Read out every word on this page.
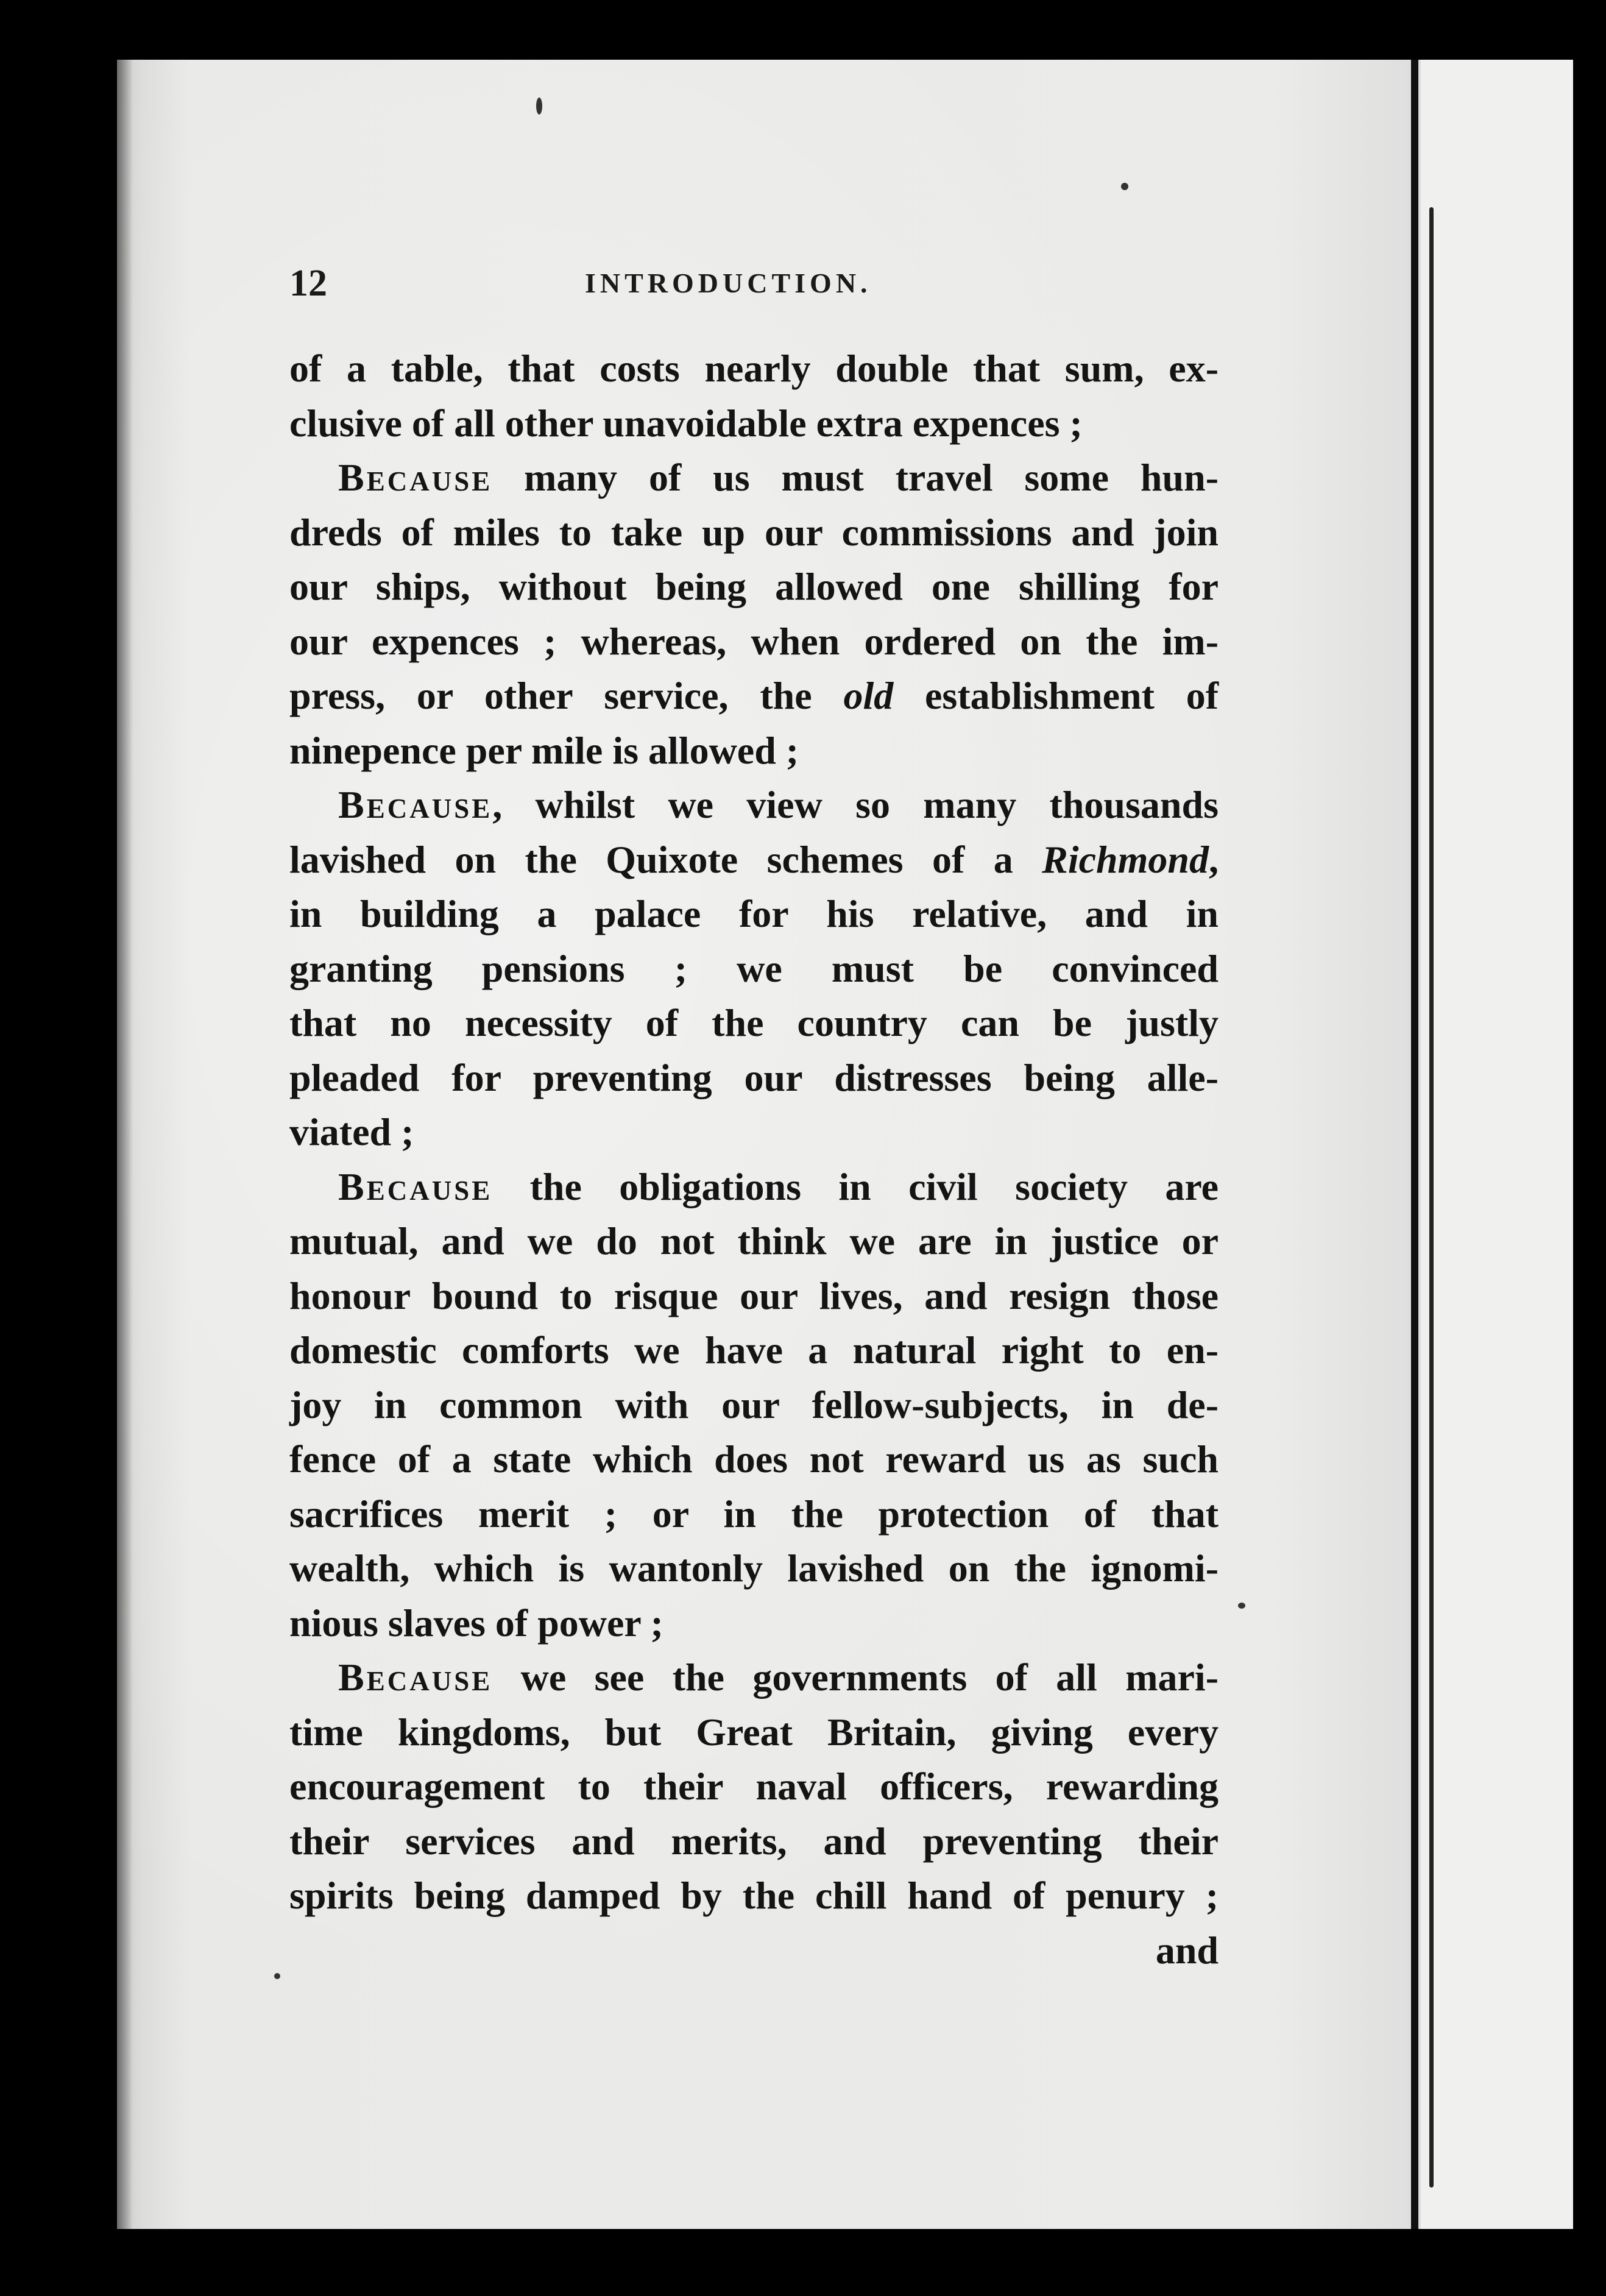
12	INTRODUCTION.
of a table, that costs nearly double that sum, ex-
clusive of all other unavoidable extra expences ;
Because many of us must travel some hun-
dreds of miles to take up our commissions and join
our ships, without being allowed one shilling for
our expences ; whereas, when ordered on the im-
press, or other service, the old establishment of
ninepence per mile is allowed ;
Because, whilst we view so many thousands
lavished on the Quixote schemes of a Richmond,
in building a palace for his relative, and in
granting pensions ; we must be convinced
that no necessity of the country can be justly
pleaded for preventing our distresses being alle-
viated ;
Because the obligations in civil society are
mutual, and we do not think we are in justice or
honour bound to risque our lives, and resign those
domestic comforts we have a natural right to en-
joy in common with our fellow-subjects, in de-
fence of a state which does not reward us as such
sacrifices merit ; or in the protection of that
wealth, which is wantonly lavished on the ignomi-
nious slaves of power ;
Because we see the governments of all mari-
time kingdoms, but Great Britain, giving every
encouragement to their naval officers, rewarding
their services and merits, and preventing their
spirits being damped by the chill hand of penury ;
and
